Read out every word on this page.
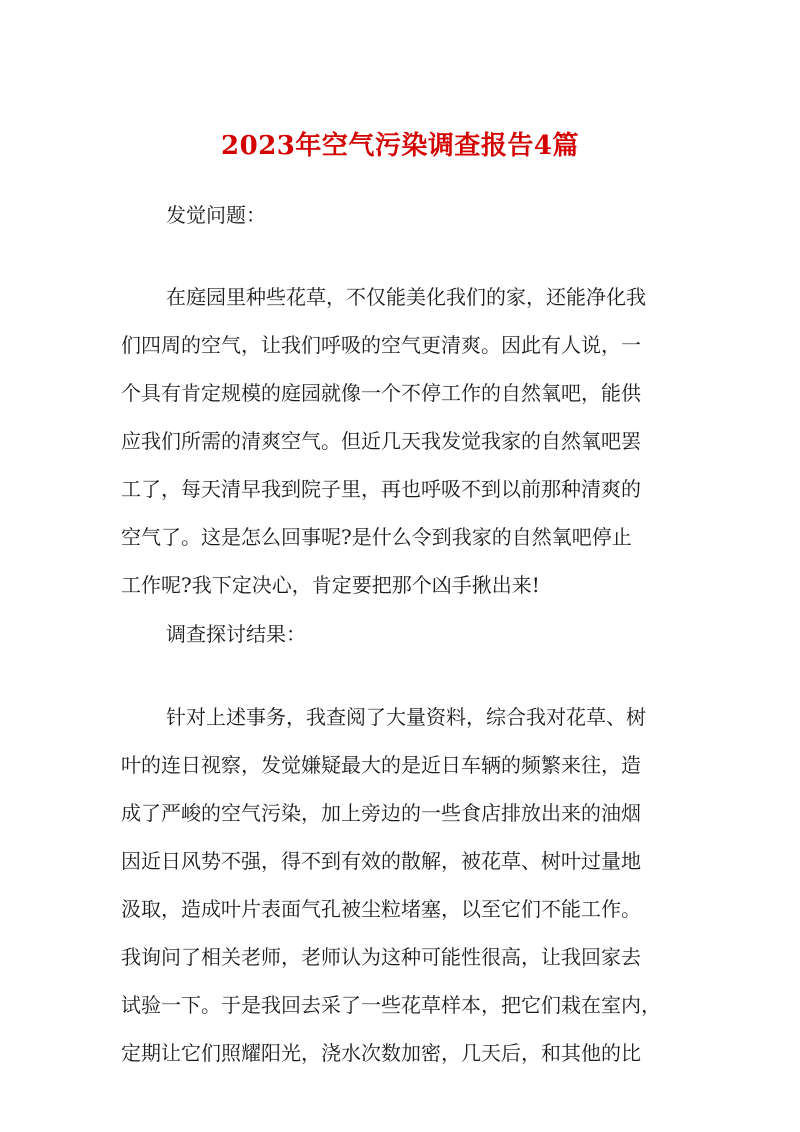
2023年空气污染调查报告4篇
发觉问题：
在庭园里种些花草，不仅能美化我们的家，还能净化我
们四周的空气，让我们呼吸的空气更清爽。因此有人说，一
个具有肯定规模的庭园就像一个不停工作的自然氧吧，能供
应我们所需的清爽空气。但近几天我发觉我家的自然氧吧罢
工了，每天清早我到院子里，再也呼吸不到以前那种清爽的
空气了。这是怎么回事呢?是什么令到我家的自然氧吧停止
工作呢?我下定决心，肯定要把那个凶手揪出来!
调查探讨结果：
针对上述事务，我查阅了大量资料，综合我对花草、树
叶的连日视察，发觉嫌疑最大的是近日车辆的频繁来往，造
成了严峻的空气污染，加上旁边的一些食店排放出来的油烟
因近日风势不强，得不到有效的散解，被花草、树叶过量地
汲取，造成叶片表面气孔被尘粒堵塞，以至它们不能工作。
我询问了相关老师，老师认为这种可能性很高，让我回家去
试验一下。于是我回去采了一些花草样本，把它们栽在室内，
定期让它们照耀阳光，浇水次数加密，几天后，和其他的比
